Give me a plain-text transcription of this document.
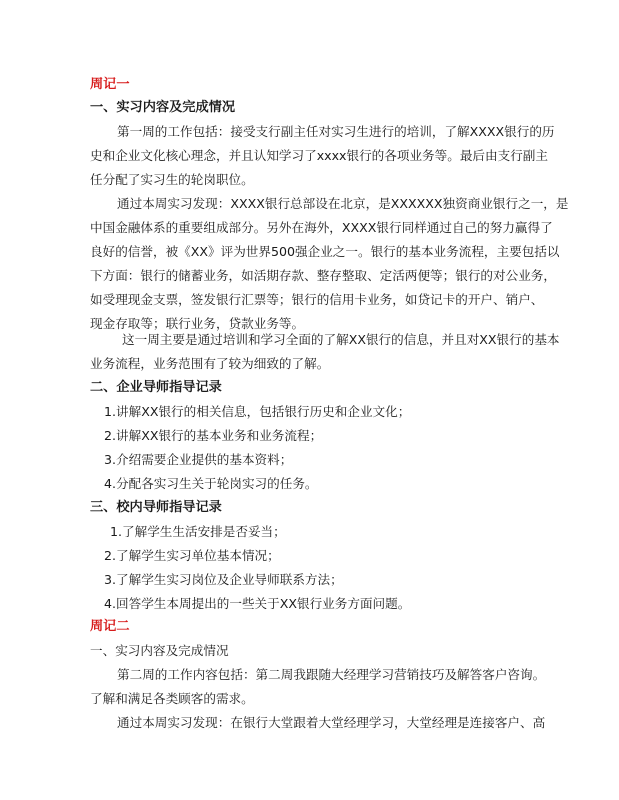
周记一
一、实习内容及完成情况
第一周的工作包括：接受支行副主任对实习生进行的培训，了解XXXX银行的历
史和企业文化核心理念，并且认知学习了xxxx银行的各项业务等。最后由支行副主
任分配了实习生的轮岗职位。
通过本周实习发现：XXXX银行总部设在北京，是XXXXXX独资商业银行之一，是
中国金融体系的重要组成部分。另外在海外，XXXX银行同样通过自己的努力赢得了
良好的信誉，被《XX》评为世界500强企业之一。银行的基本业务流程，主要包括以
下方面：银行的储蓄业务，如活期存款、整存整取、定活两便等；银行的对公业务，
如受理现金支票，签发银行汇票等；银行的信用卡业务，如贷记卡的开户、销户、
现金存取等；联行业务，贷款业务等。
这一周主要是通过培训和学习全面的了解XX银行的信息，并且对XX银行的基本
业务流程，业务范围有了较为细致的了解。
二、企业导师指导记录
1.讲解XX银行的相关信息，包括银行历史和企业文化；
2.讲解XX银行的基本业务和业务流程；
3.介绍需要企业提供的基本资料；
4.分配各实习生关于轮岗实习的任务。
三、校内导师指导记录
1.了解学生生活安排是否妥当；
2.了解学生实习单位基本情况；
3.了解学生实习岗位及企业导师联系方法；
4.回答学生本周提出的一些关于XX银行业务方面问题。
周记二
一、实习内容及完成情况
第二周的工作内容包括：第二周我跟随大经理学习营销技巧及解答客户咨询。
了解和满足各类顾客的需求。
通过本周实习发现：在银行大堂跟着大堂经理学习，大堂经理是连接客户、高
